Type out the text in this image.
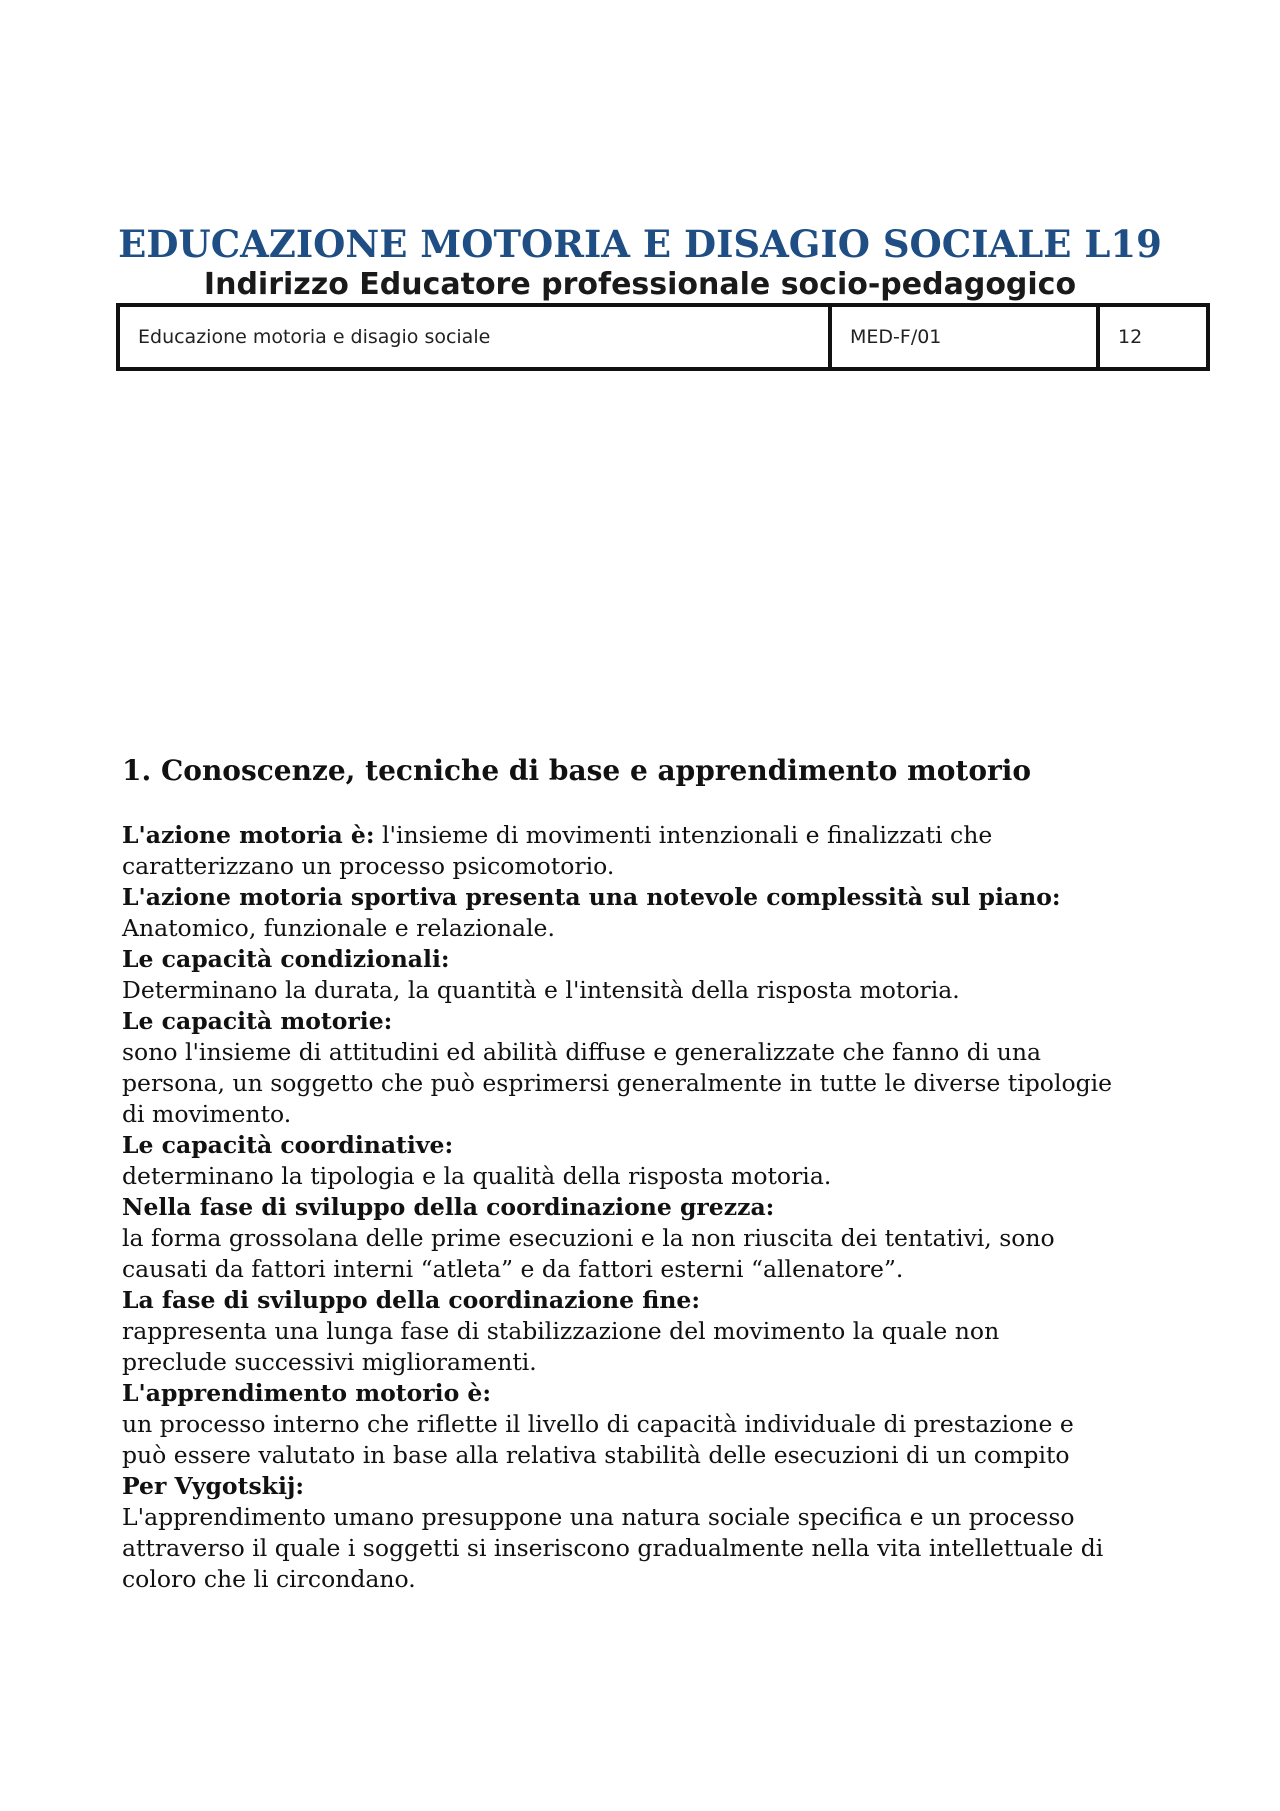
EDUCAZIONE MOTORIA E DISAGIO SOCIALE L19
Indirizzo Educatore professionale socio-pedagogico
Educazione motoria e disagio sociale	MED-F/01	12
1. Conoscenze, tecniche di base e apprendimento motorio

L'azione motoria è: l'insieme di movimenti intenzionali e finalizzati che

caratterizzano un processo psicomotorio.

L'azione motoria sportiva presenta una notevole complessità sul piano:

Anatomico, funzionale e relazionale.

Le capacità condizionali:

Determinano la durata, la quantità e l'intensità della risposta motoria.

Le capacità motorie:

sono l'insieme di attitudini ed abilità diffuse e generalizzate che fanno di una

persona, un soggetto che può esprimersi generalmente in tutte le diverse tipologie

di movimento.

Le capacità coordinative:

determinano la tipologia e la qualità della risposta motoria.

Nella fase di sviluppo della coordinazione grezza:

la forma grossolana delle prime esecuzioni e la non riuscita dei tentativi, sono

causati da fattori interni “atleta” e da fattori esterni “allenatore”.

La fase di sviluppo della coordinazione fine:

rappresenta una lunga fase di stabilizzazione del movimento la quale non

preclude successivi miglioramenti.

L'apprendimento motorio è:

un processo interno che riflette il livello di capacità individuale di prestazione e

può essere valutato in base alla relativa stabilità delle esecuzioni di un compito

Per Vygotskij:

L'apprendimento umano presuppone una natura sociale specifica e un processo

attraverso il quale i soggetti si inseriscono gradualmente nella vita intellettuale di

coloro che li circondano.
